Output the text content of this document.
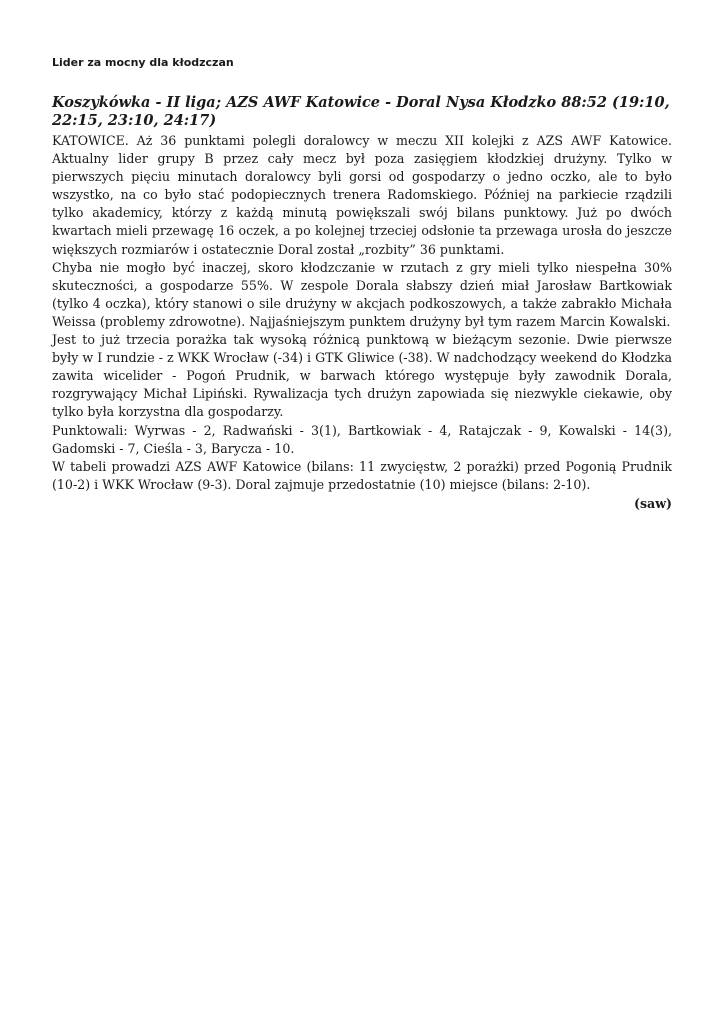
Lider za mocny dla kłodzczan
Koszykówka - II liga; AZS AWF Katowice - Doral Nysa Kłodzko 88:52 (19:10, 22:15, 23:10, 24:17)

KATOWICE. Aż 36 punktami polegli doralowcy w meczu XII kolejki z AZS AWF Katowice. Aktualny lider grupy B przez cały mecz był poza zasięgiem kłodzkiej drużyny. Tylko w pierwszych pięciu minutach doralowcy byli gorsi od gospodarzy o jedno oczko, ale to było wszystko, na co było stać podopiecznych trenera Radomskiego. Później na parkiecie rządzili tylko akademicy, którzy z każdą minutą powiększali swój bilans punktowy. Już po dwóch kwartach mieli przewagę 16 oczek, a po kolejnej trzeciej odsłonie ta przewaga urosła do jeszcze większych rozmiarów i ostatecznie Doral został „rozbity” 36 punktami.

Chyba nie mogło być inaczej, skoro kłodzczanie w rzutach z gry mieli tylko niespełna 30% skuteczności, a gospodarze 55%. W zespole Dorala słabszy dzień miał Jarosław Bartkowiak (tylko 4 oczka), który stanowi o sile drużyny w akcjach podkoszowych, a także zabrakło Michała Weissa (problemy zdrowotne). Najjaśniejszym punktem drużyny był tym razem Marcin Kowalski.

Jest to już trzecia porażka tak wysoką różnicą punktową w bieżącym sezonie. Dwie pierwsze były w I rundzie - z WKK Wrocław (-34) i GTK Gliwice (-38). W nadchodzący weekend do Kłodzka zawita wicelider - Pogoń Prudnik, w barwach którego występuje były zawodnik Dorala, rozgrywający Michał Lipiński. Rywalizacja tych drużyn zapowiada się niezwykle ciekawie, oby tylko była korzystna dla gospodarzy.

Punktowali: Wyrwas - 2, Radwański - 3(1), Bartkowiak - 4, Ratajczak - 9, Kowalski - 14(3), Gadomski - 7, Cieśla - 3, Barycza - 10.

W tabeli prowadzi AZS AWF Katowice (bilans: 11 zwycięstw, 2 porażki) przed Pogonią Prudnik (10-2) i WKK Wrocław (9-3). Doral zajmuje przedostatnie (10) miejsce (bilans: 2-10).

(saw)
